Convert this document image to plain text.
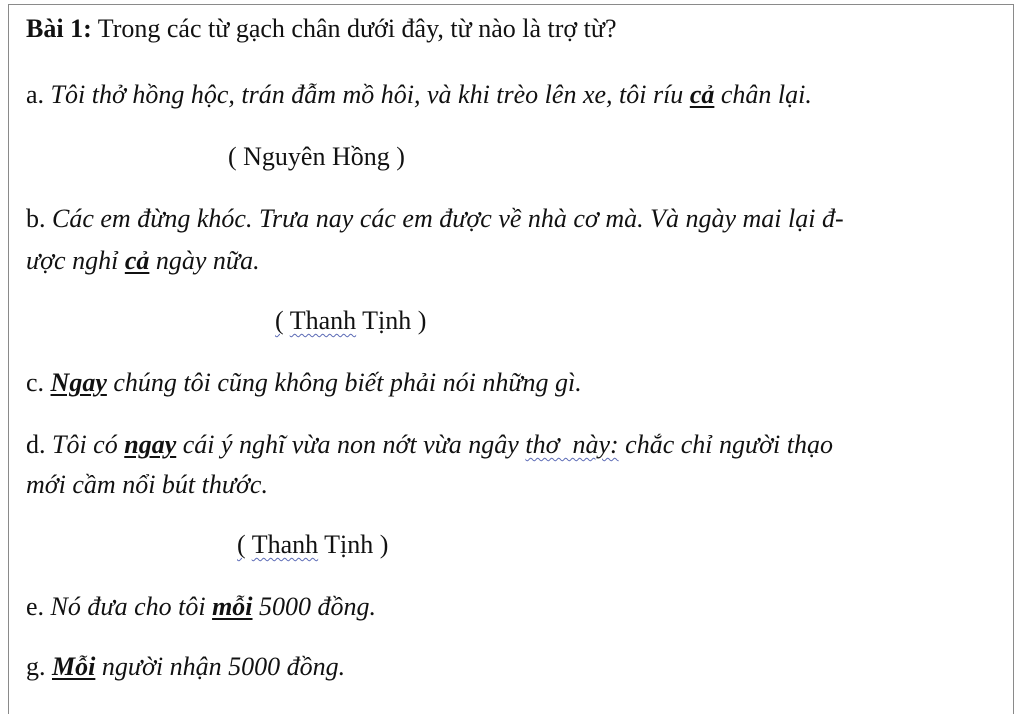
Bài 1: Trong các từ gạch chân dưới đây, từ nào là trợ từ?

a. Tôi thở hồng hộc, trán đẫm mồ hôi, và khi trèo lên xe, tôi ríu cả chân lại.

( Nguyên Hồng )

b. Các em đừng khóc. Trưa nay các em được về nhà cơ mà. Và ngày mai lại đ-

ược nghỉ cả ngày nữa.

( Thanh Tịnh )

c. Ngay chúng tôi cũng không biết phải nói những gì.

d. Tôi có ngay cái ý nghĩ vừa non nớt vừa ngây thơ  này: chắc chỉ người thạo

mới cầm nổi bút thước.

( Thanh Tịnh )

e. Nó đưa cho tôi mỗi 5000 đồng.

g. Mỗi người nhận 5000 đồng.
